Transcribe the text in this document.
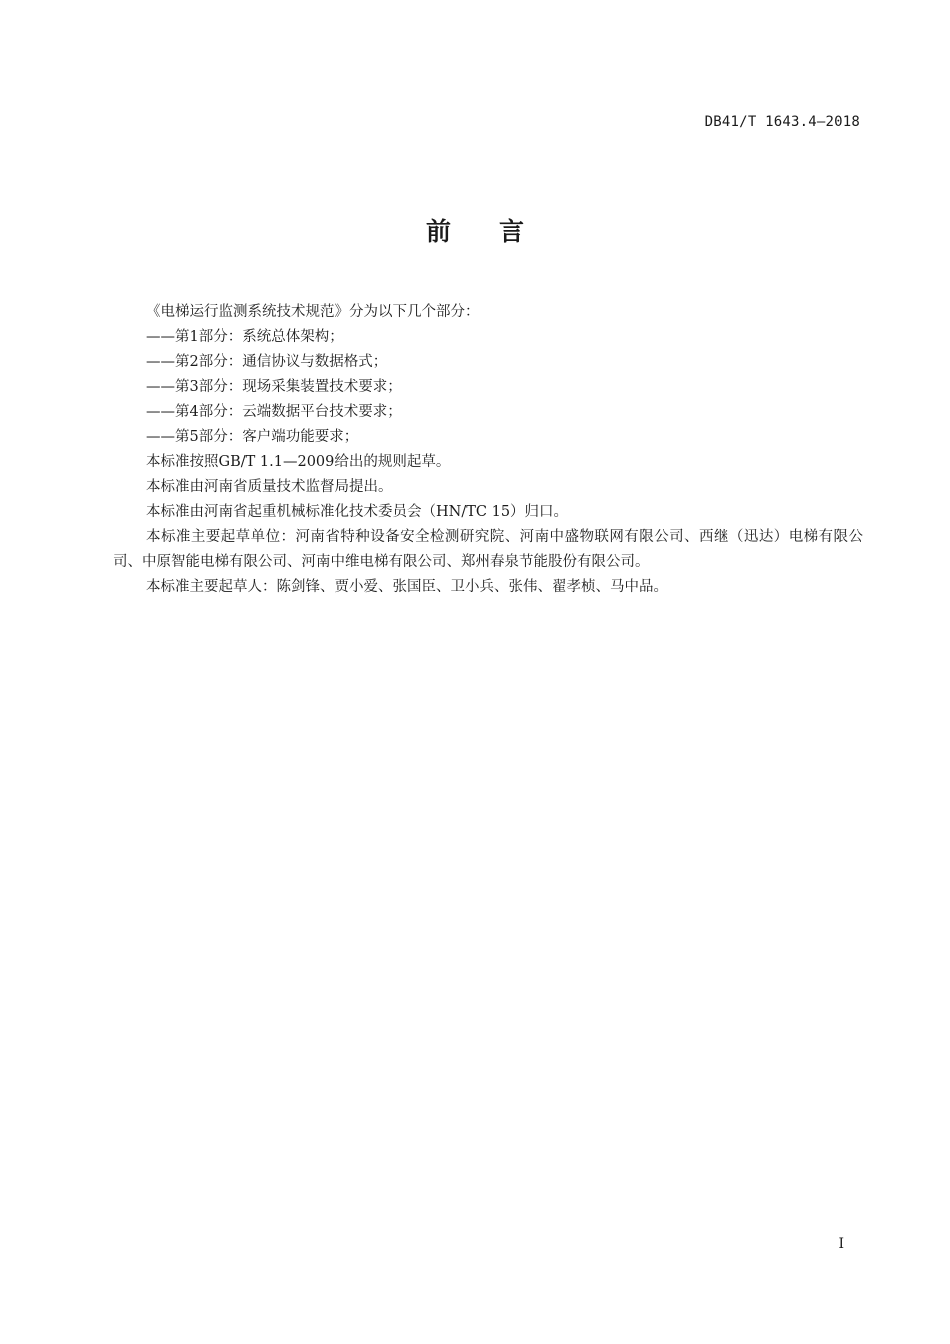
DB41/T 1643.4—2018
前言

《电梯运行监测系统技术规范》分为以下几个部分：

——第1部分：系统总体架构；

——第2部分：通信协议与数据格式；

——第3部分：现场采集装置技术要求；

——第4部分：云端数据平台技术要求；

——第5部分：客户端功能要求；

本标准按照GB/T 1.1—2009给出的规则起草。

本标准由河南省质量技术监督局提出。

本标准由河南省起重机械标准化技术委员会（HN/TC 15）归口。

本标准主要起草单位：河南省特种设备安全检测研究院、河南中盛物联网有限公司、西继（迅达）电梯有限公司、中原智能电梯有限公司、河南中维电梯有限公司、郑州春泉节能股份有限公司。

本标准主要起草人：陈剑锋、贾小爱、张国臣、卫小兵、张伟、翟孝桢、马中品。

I
